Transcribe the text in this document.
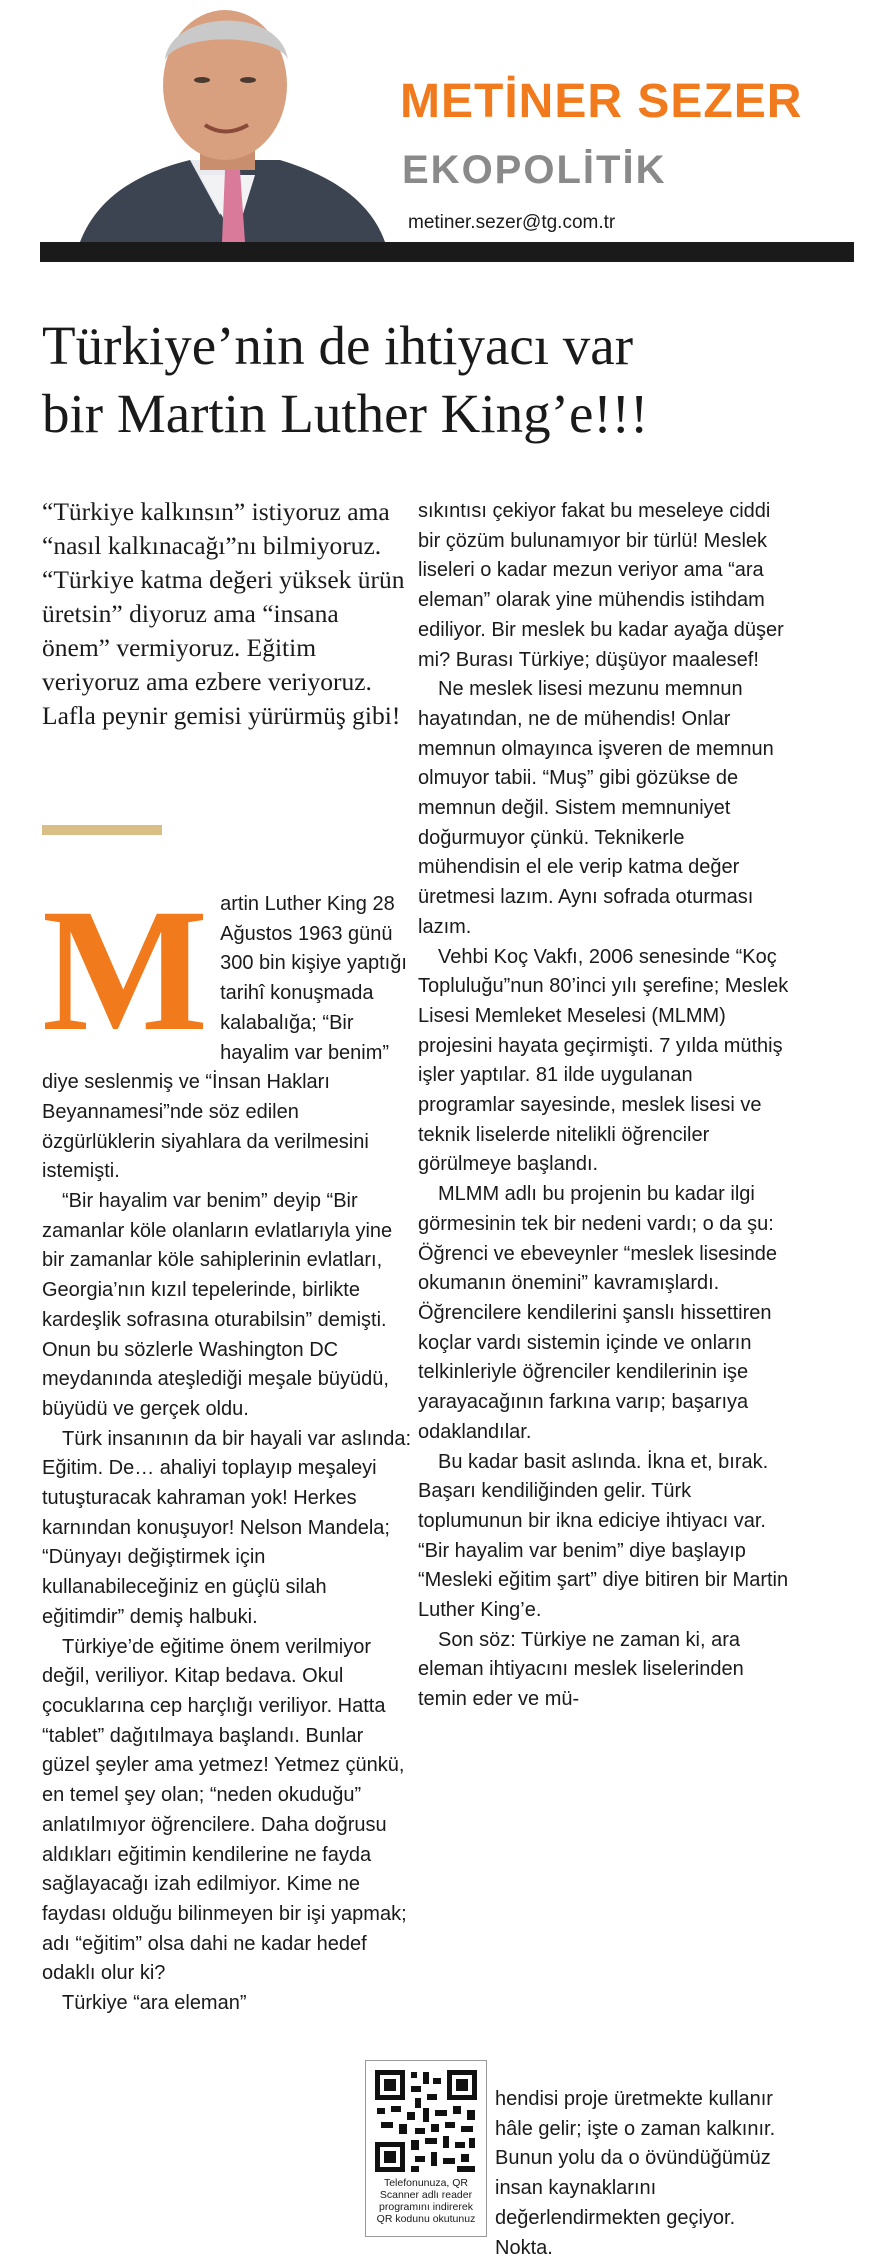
METİNER SEZER
EKOPOLİTİK
metiner.sezer@tg.com.tr
Türkiye’nin de ihtiyacı var
bir Martin Luther King’e!!!

“Türkiye kalkınsın” istiyoruz ama “nasıl kalkınacağı”nı bilmiyoruz. “Türkiye katma değeri yüksek ürün üretsin” diyoruz ama “insana önem” vermiyoruz. Eğitim veriyoruz ama ezbere veriyoruz. Lafla peynir gemisi yürürmüş gibi!

M artin Luther King 28 Ağustos 1963 günü 300 bin kişiye yaptığı tarihî konuşmada kalabalığa; “Bir hayalim var benim” diye seslenmiş ve “İnsan Hakları Beyannamesi”nde söz edilen özgürlüklerin siyahlara da verilmesini istemişti.

“Bir hayalim var benim” deyip “Bir zamanlar köle olanların evlatlarıyla yine bir zamanlar köle sahiplerinin evlatları, Georgia’nın kızıl tepelerinde, birlikte kardeşlik sofrasına oturabilsin” demişti. Onun bu sözlerle Washington DC meydanında ateşlediği meşale büyüdü, büyüdü ve gerçek oldu.

Türk insanının da bir hayali var aslında: Eğitim. De… ahaliyi toplayıp meşaleyi tutuşturacak kahraman yok! Herkes karnından konuşuyor! Nelson Mandela; “Dünyayı değiştirmek için kullanabileceğiniz en güçlü silah eğitimdir” demiş halbuki.

Türkiye’de eğitime önem verilmiyor değil, veriliyor. Kitap bedava. Okul çocuklarına cep harçlığı veriliyor. Hatta “tablet” dağıtılmaya başlandı. Bunlar güzel şeyler ama yetmez! Yetmez çünkü, en temel şey olan; “neden okuduğu” anlatılmıyor öğrencilere. Daha doğrusu aldıkları eğitimin kendilerine ne fayda sağlayacağı izah edilmiyor. Kime ne faydası olduğu bilinmeyen bir işi yapmak; adı “eğitim” olsa dahi ne kadar hedef odaklı olur ki?

Türkiye “ara eleman”

sıkıntısı çekiyor fakat bu meseleye ciddi bir çözüm bulunamıyor bir türlü! Meslek liseleri o kadar mezun veriyor ama “ara eleman” olarak yine mühendis istihdam ediliyor. Bir meslek bu kadar ayağa düşer mi? Burası Türkiye; düşüyor maalesef!

Ne meslek lisesi mezunu memnun hayatından, ne de mühendis! Onlar memnun olmayınca işveren de memnun olmuyor tabii. “Muş” gibi gözükse de memnun değil. Sistem memnuniyet doğurmuyor çünkü. Teknikerle mühendisin el ele verip katma değer üretmesi lazım. Aynı sofrada oturması lazım.

Vehbi Koç Vakfı, 2006 senesinde “Koç Topluluğu”nun 80’inci yılı şerefine; Meslek Lisesi Memleket Meselesi (MLMM) projesini hayata geçirmişti. 7 yılda müthiş işler yaptılar. 81 ilde uygulanan programlar sayesinde, meslek lisesi ve teknik liselerde nitelikli öğrenciler görülmeye başlandı.

MLMM adlı bu projenin bu kadar ilgi görmesinin tek bir nedeni vardı; o da şu: Öğrenci ve ebeveynler “meslek lisesinde okumanın önemini” kavramışlardı. Öğrencilere kendilerini şanslı hissettiren koçlar vardı sistemin içinde ve onların telkinleriyle öğrenciler kendilerinin işe yarayacağının farkına varıp; başarıya odaklandılar.

Bu kadar basit aslında. İkna et, bırak. Başarı kendiliğinden gelir. Türk toplumunun bir ikna ediciye ihtiyacı var. “Bir hayalim var benim” diye başlayıp “Mesleki eğitim şart” diye bitiren bir Martin Luther King’e.

Son söz: Türkiye ne zaman ki, ara eleman ihtiyacını meslek liselerinden temin eder ve mü-

Telefonunuza, QR Scanner adlı reader programını indirerek QR kodunu okutunuz

hendisi proje üretmekte kullanır hâle gelir; işte o zaman kalkınır. Bunun yolu da o övündüğümüz insan kaynaklarını değerlendirmekten geçiyor. Nokta.
